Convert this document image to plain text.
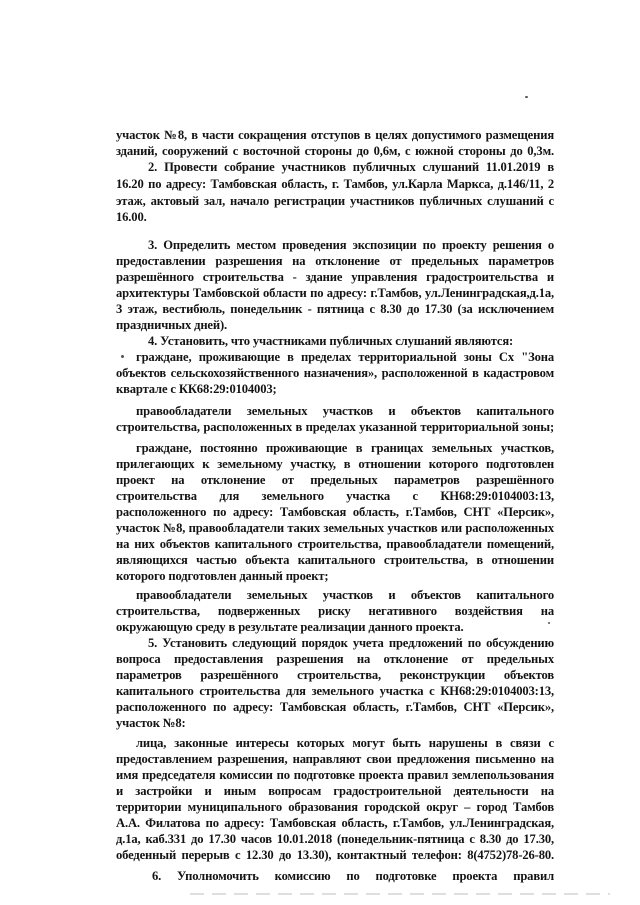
участок №8, в части сокращения отступов в целях допустимого размещения
зданий, сооружений с восточной стороны до 0,6м, с южной стороны до 0,3м.
2. Провести собрание участников публичных слушаний 11.01.2019 в
16.20 по адресу: Тамбовская область, г. Тамбов, ул.Карла Маркса, д.146/11, 2
этаж, актовый зал, начало регистрации участников публичных слушаний с
16.00.
3. Определить местом проведения экспозиции по проекту решения о
предоставлении разрешения на отклонение от предельных параметров
разрешённого строительства - здание управления градостроительства и
архитектуры Тамбовской области по адресу: г.Тамбов, ул.Ленинградская,д.1а,
3 этаж, вестибюль, понедельник - пятница с 8.30 до 17.30 (за исключением
праздничных дней).
4. Установить, что участниками публичных слушаний являются:
граждане, проживающие в пределах территориальной зоны Сх "Зона
объектов сельскохозяйственного назначения», расположенной в кадастровом
квартале с КК68:29:0104003;
правообладатели земельных участков и объектов капитального
строительства, расположенных в пределах указанной территориальной зоны;
граждане, постоянно проживающие в границах земельных участков,
прилегающих к земельному участку, в отношении которого подготовлен
проект на отклонение от предельных параметров разрешённого
строительства для земельного участка с КН68:29:0104003:13,
расположенного по адресу: Тамбовская область, г.Тамбов, СНТ «Персик»,
участок №8, правообладатели таких земельных участков или расположенных
на них объектов капитального строительства, правообладатели помещений,
являющихся частью объекта капитального строительства, в отношении
которого подготовлен данный проект;
правообладатели земельных участков и объектов капитального
строительства, подверженных риску негативного воздействия на
окружающую среду в результате реализации данного проекта.
5. Установить следующий порядок учета предложений по обсуждению
вопроса предоставления разрешения на отклонение от предельных
параметров разрешённого строительства, реконструкции объектов
капитального строительства для земельного участка с КН68:29:0104003:13,
расположенного по адресу: Тамбовская область, г.Тамбов, СНТ «Персик»,
участок №8:
лица, законные интересы которых могут быть нарушены в связи с
предоставлением разрешения, направляют свои предложения письменно на
имя председателя комиссии по подготовке проекта правил землепользования
и застройки и иным вопросам градостроительной деятельности на
территории муниципального образования городской округ – город Тамбов
А.А. Филатова по адресу: Тамбовская область, г.Тамбов, ул.Ленинградская,
д.1а, каб.331 до 17.30 часов 10.01.2018 (понедельник-пятница с 8.30 до 17.30,
обеденный перерыв с 12.30 до 13.30), контактный телефон: 8(4752)78-26-80.
6. Уполномочить комиссию по подготовке проекта правил
